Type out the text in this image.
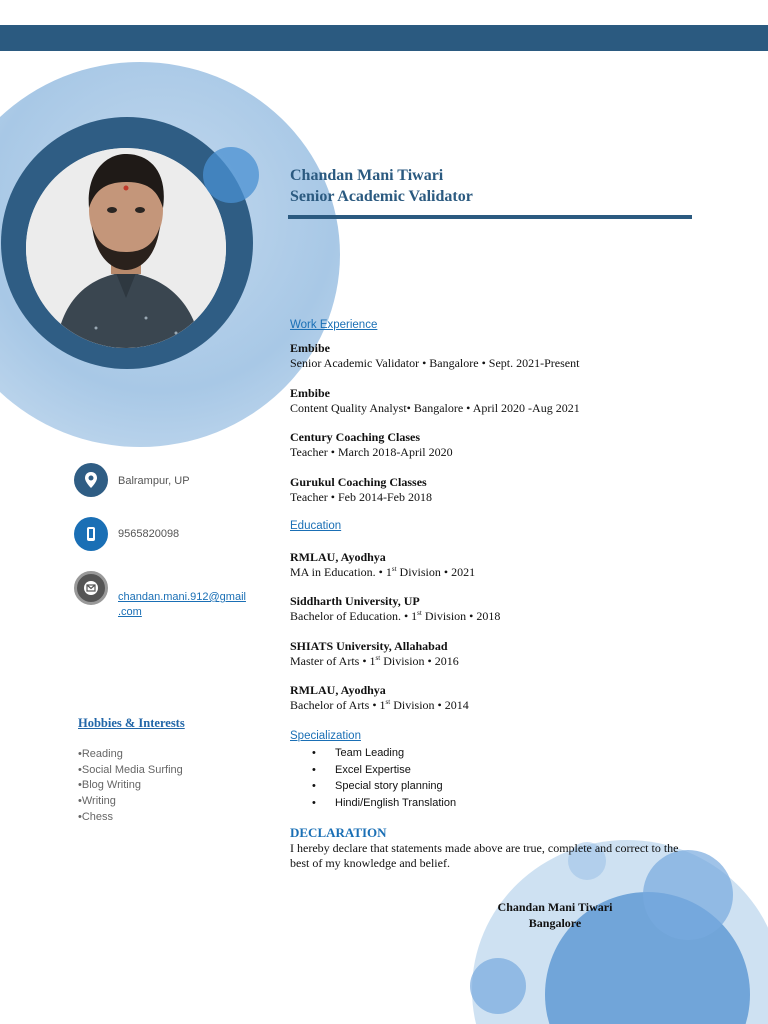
Chandan Mani Tiwari
Senior Academic Validator
Balrampur, UP
9565820098
chandan.mani.912@gmail
.com
Hobbies & Interests
• Reading
• Social Media Surfing
• Blog Writing
• Writing
• Chess
Work Experience
Embibe
Senior Academic Validator • Bangalore • Sept. 2021-Present
Embibe
Content Quality Analyst• Bangalore • April 2020 -Aug 2021
Century Coaching Clases
Teacher • March 2018-April 2020
Gurukul Coaching Classes
Teacher • Feb 2014-Feb 2018
Education
RMLAU, Ayodhya
MA in Education. • 1st Division • 2021
Siddharth University, UP
Bachelor of Education. • 1st Division • 2018
SHIATS University, Allahabad
Master of Arts • 1st Division • 2016
RMLAU, Ayodhya
Bachelor of Arts • 1st Division • 2014
Specialization
• Team Leading
• Excel Expertise
• Special story planning
• Hindi/English Translation
DECLARATION
I hereby declare that statements made above are true, complete and correct to the best of my knowledge and belief.
Chandan Mani Tiwari
Bangalore
